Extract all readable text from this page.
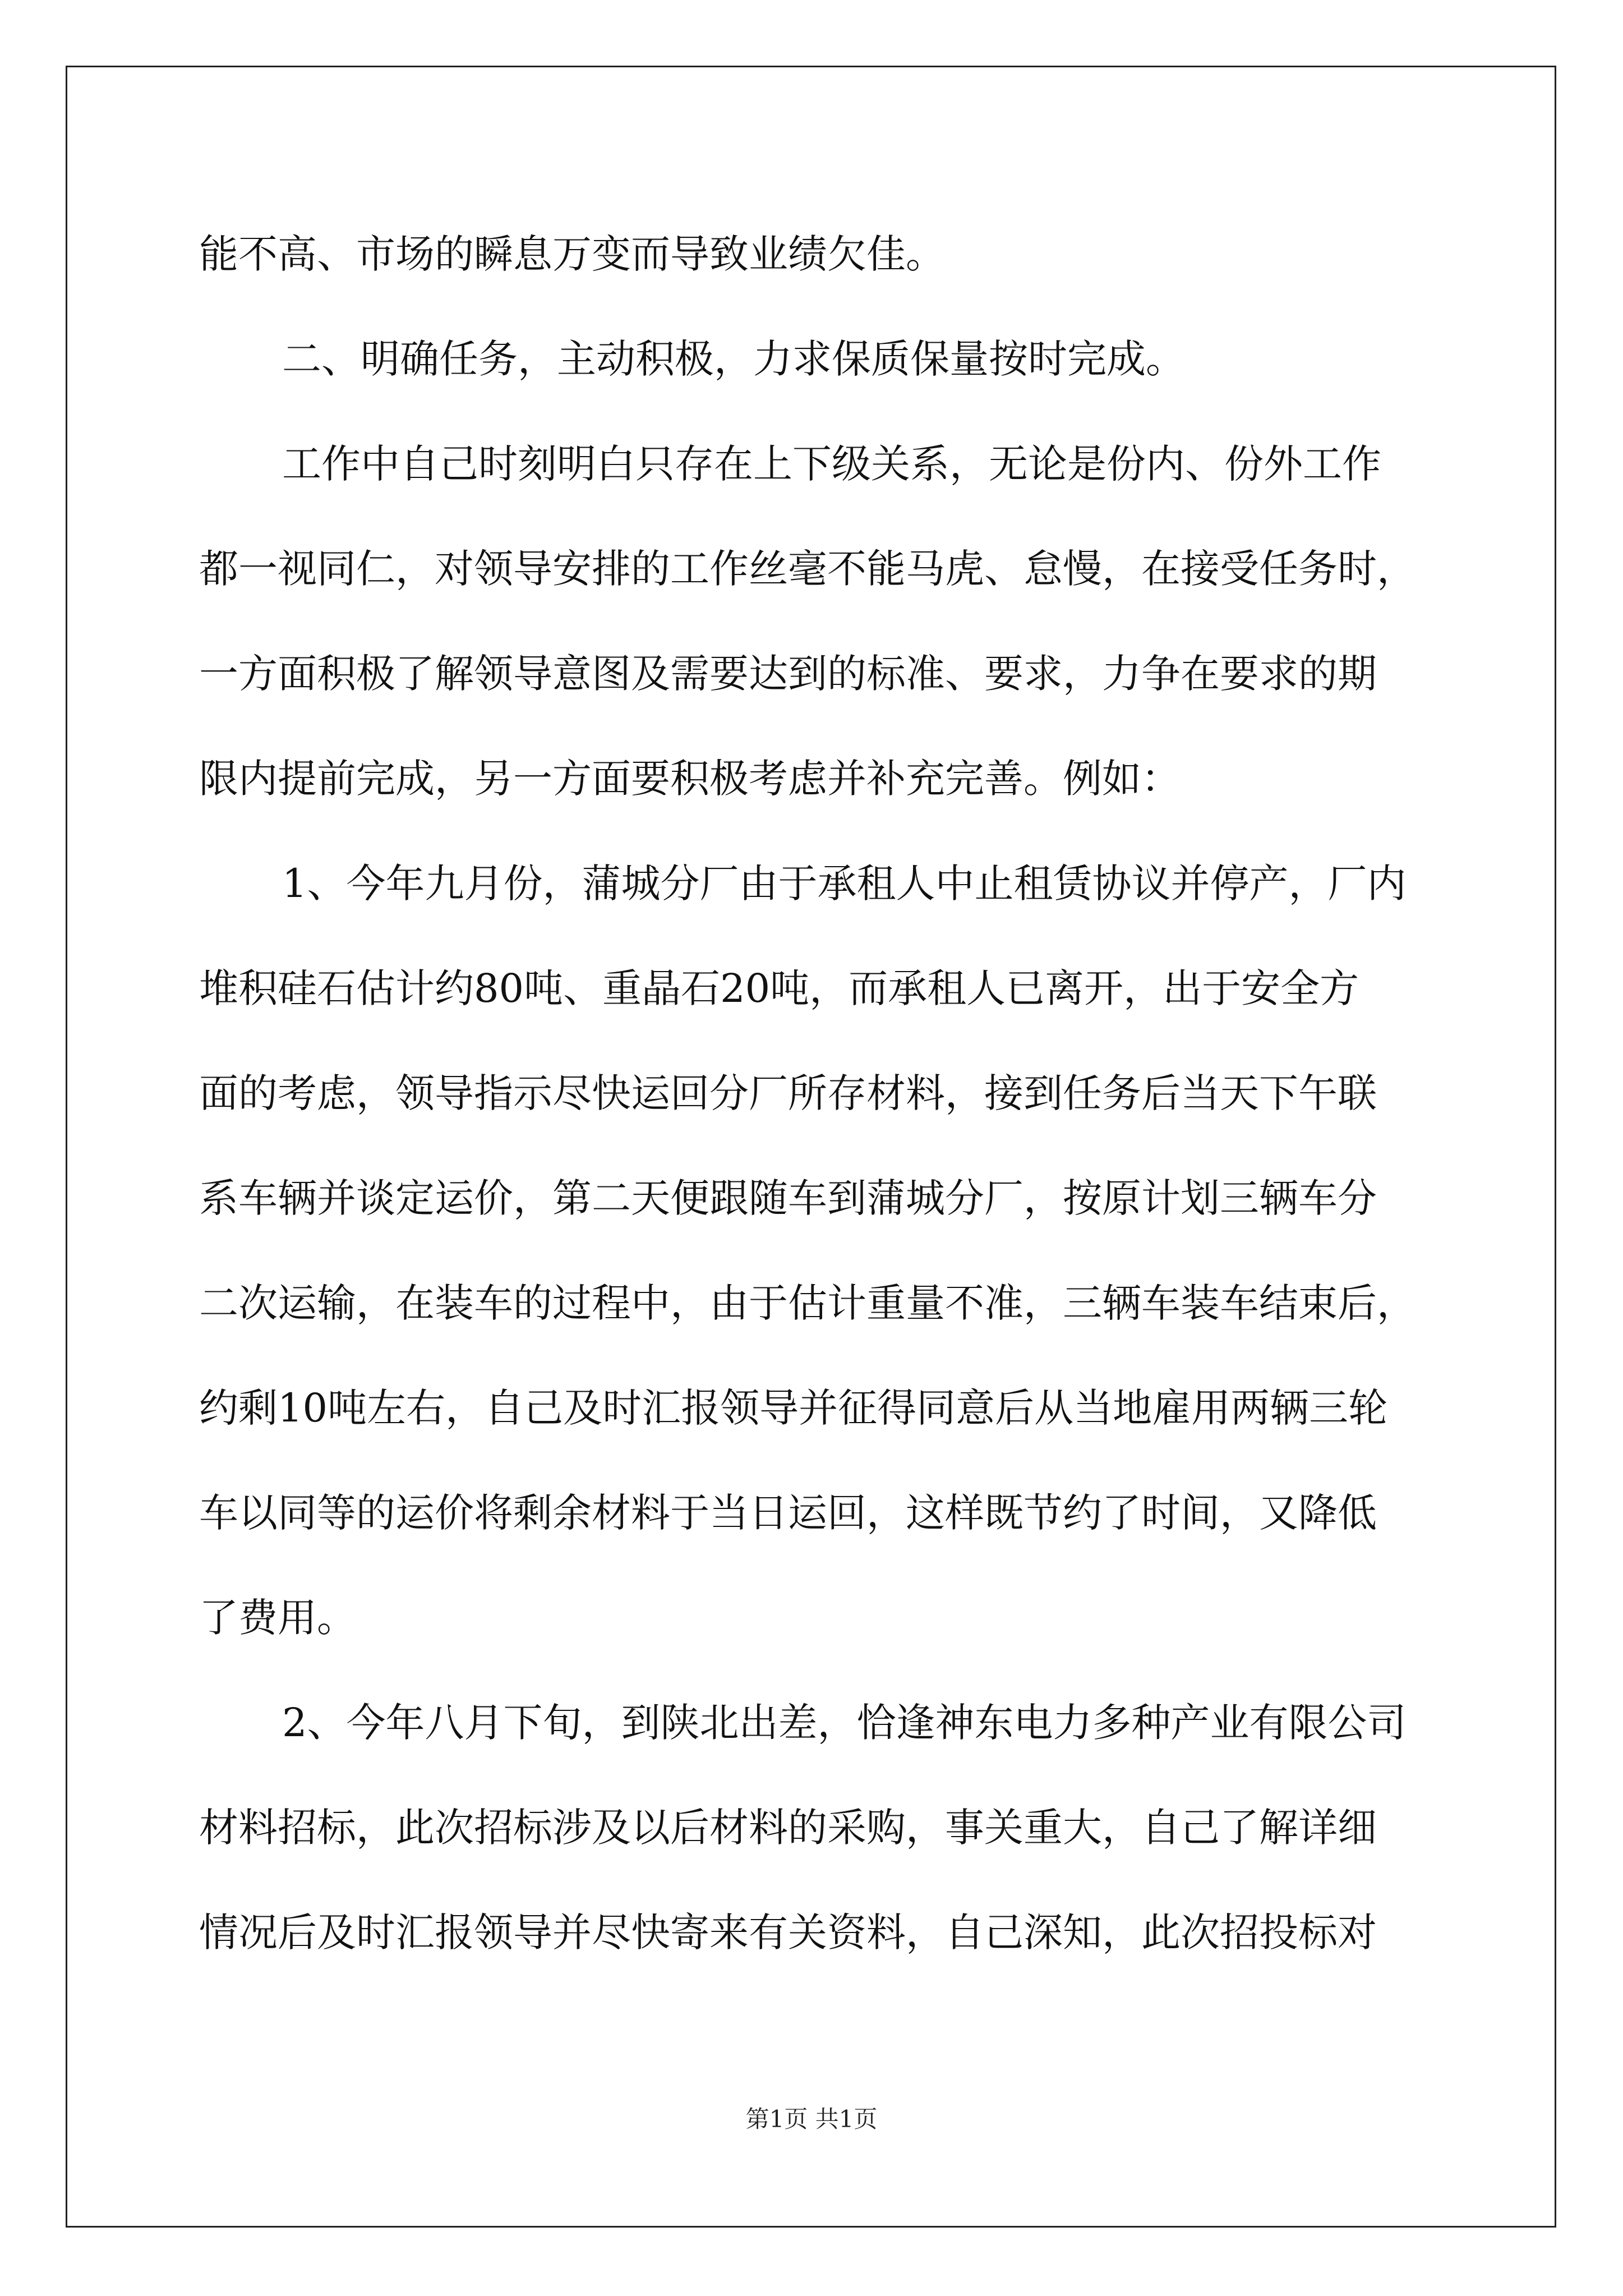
能不高、市场的瞬息万变而导致业绩欠佳。
二、明确任务，主动积极，力求保质保量按时完成。
工作中自己时刻明白只存在上下级关系，无论是份内、份外工作
都一视同仁，对领导安排的工作丝毫不能马虎、怠慢，在接受任务时，
一方面积极了解领导意图及需要达到的标准、要求，力争在要求的期
限内提前完成，另一方面要积极考虑并补充完善。例如：
1、今年九月份，蒲城分厂由于承租人中止租赁协议并停产，厂内
堆积硅石估计约80吨、重晶石20吨，而承租人已离开，出于安全方
面的考虑，领导指示尽快运回分厂所存材料，接到任务后当天下午联
系车辆并谈定运价，第二天便跟随车到蒲城分厂，按原计划三辆车分
二次运输，在装车的过程中，由于估计重量不准，三辆车装车结束后，
约剩10吨左右，自己及时汇报领导并征得同意后从当地雇用两辆三轮
车以同等的运价将剩余材料于当日运回，这样既节约了时间，又降低
了费用。
2、今年八月下旬，到陕北出差，恰逢神东电力多种产业有限公司
材料招标，此次招标涉及以后材料的采购，事关重大，自己了解详细
情况后及时汇报领导并尽快寄来有关资料，自己深知，此次招投标对
第1页 共1页
